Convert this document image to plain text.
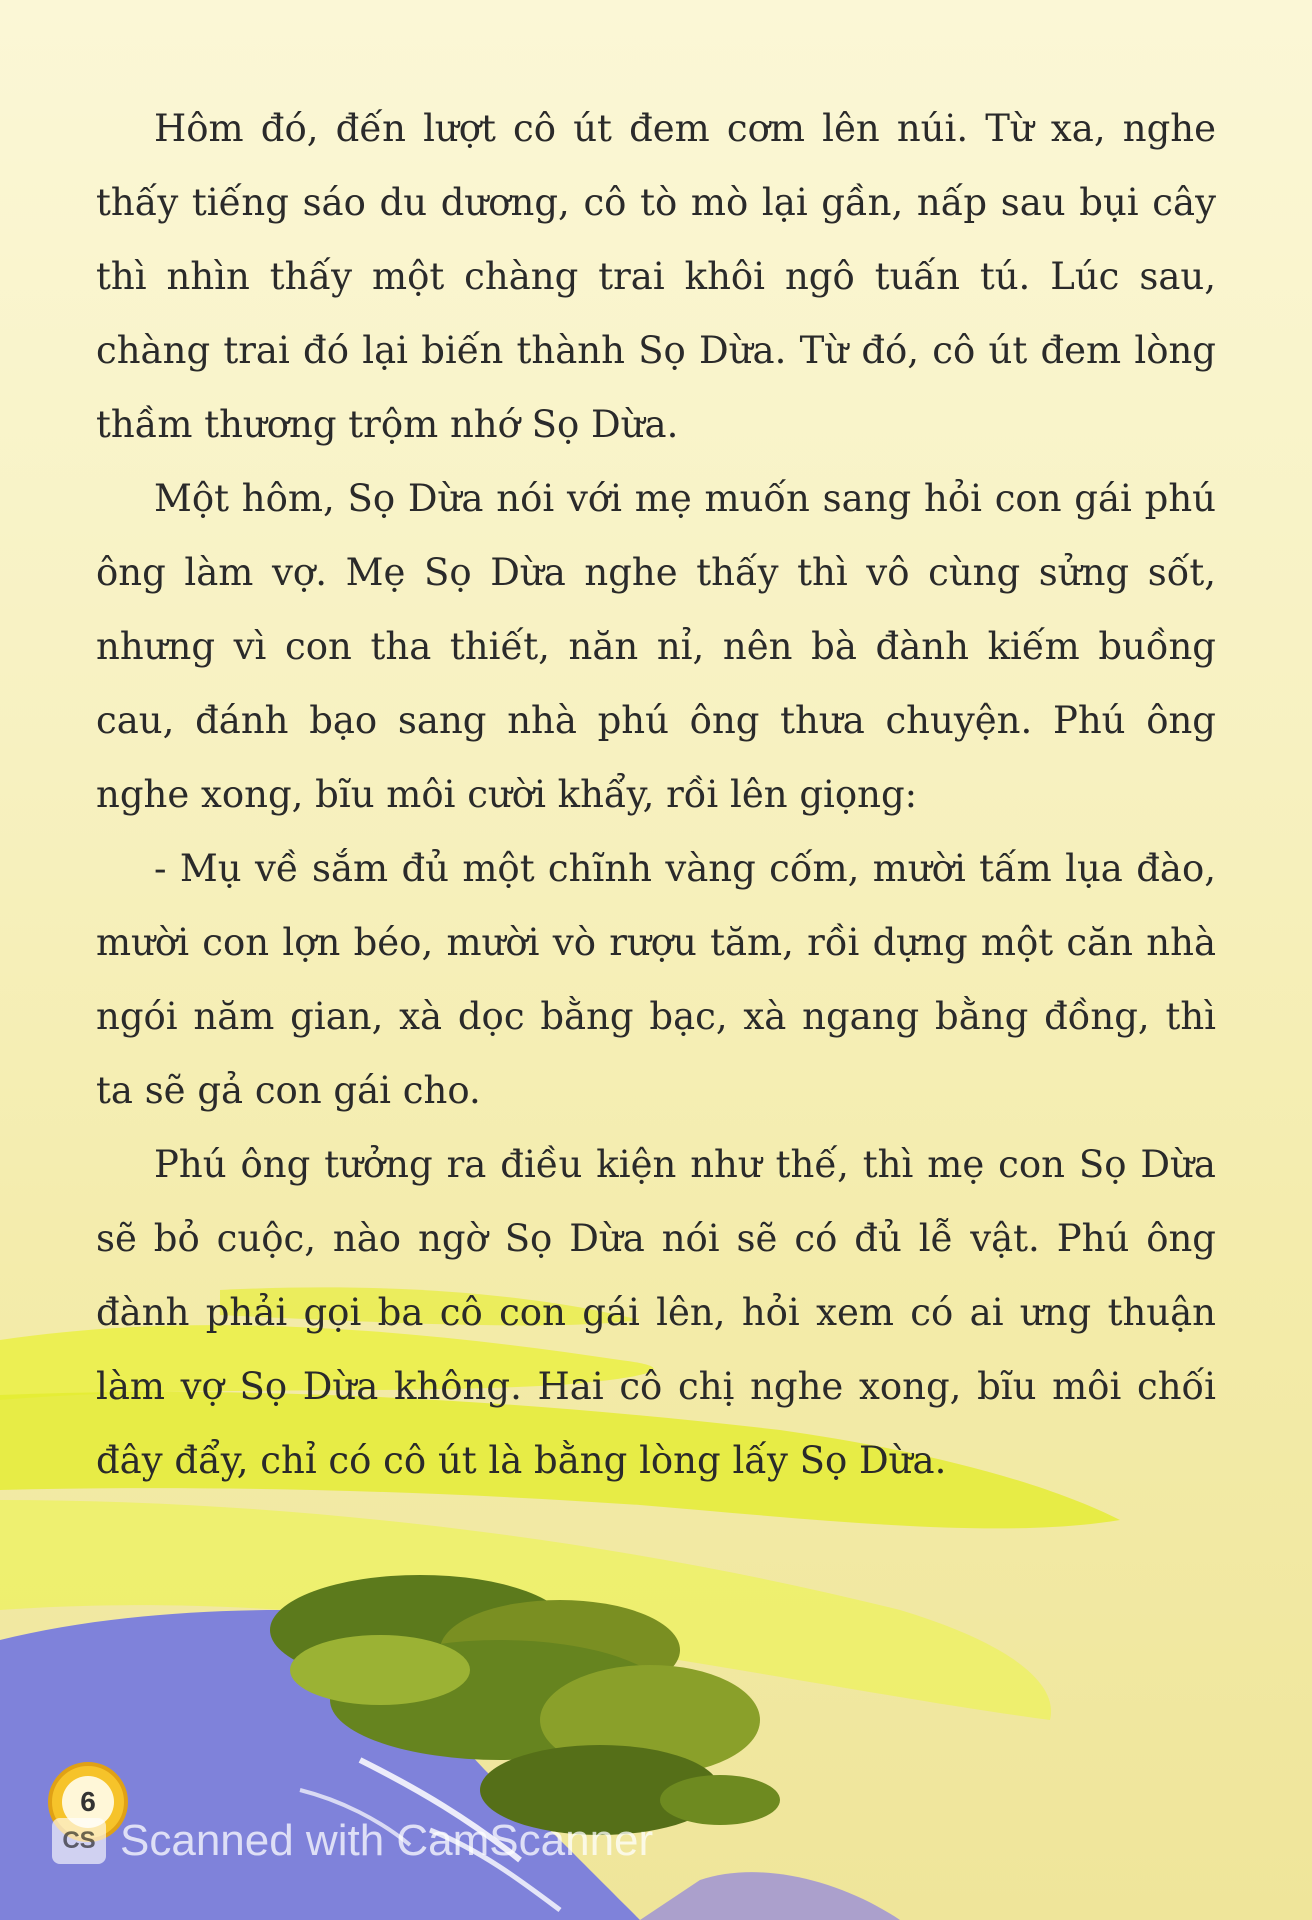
Hôm đó, đến lượt cô út đem cơm lên núi. Từ xa, nghe thấy tiếng sáo du dương, cô tò mò lại gần, nấp sau bụi cây thì nhìn thấy một chàng trai khôi ngô tuấn tú. Lúc sau, chàng trai đó lại biến thành Sọ Dừa. Từ đó, cô út đem lòng thầm thương trộm nhớ Sọ Dừa.

Một hôm, Sọ Dừa nói với mẹ muốn sang hỏi con gái phú ông làm vợ. Mẹ Sọ Dừa nghe thấy thì vô cùng sửng sốt, nhưng vì con tha thiết, năn nỉ, nên bà đành kiếm buồng cau, đánh bạo sang nhà phú ông thưa chuyện. Phú ông nghe xong, bĩu môi cười khẩy, rồi lên giọng:

- Mụ về sắm đủ một chĩnh vàng cốm, mười tấm lụa đào, mười con lợn béo, mười vò rượu tăm, rồi dựng một căn nhà ngói năm gian, xà dọc bằng bạc, xà ngang bằng đồng, thì ta sẽ gả con gái cho.

Phú ông tưởng ra điều kiện như thế, thì mẹ con Sọ Dừa sẽ bỏ cuộc, nào ngờ Sọ Dừa nói sẽ có đủ lễ vật. Phú ông đành phải gọi ba cô con gái lên, hỏi xem có ai ưng thuận làm vợ Sọ Dừa không. Hai cô chị nghe xong, bĩu môi chối đây đẩy, chỉ có cô út là bằng lòng lấy Sọ Dừa.

6
CS Scanned with CamScanner
